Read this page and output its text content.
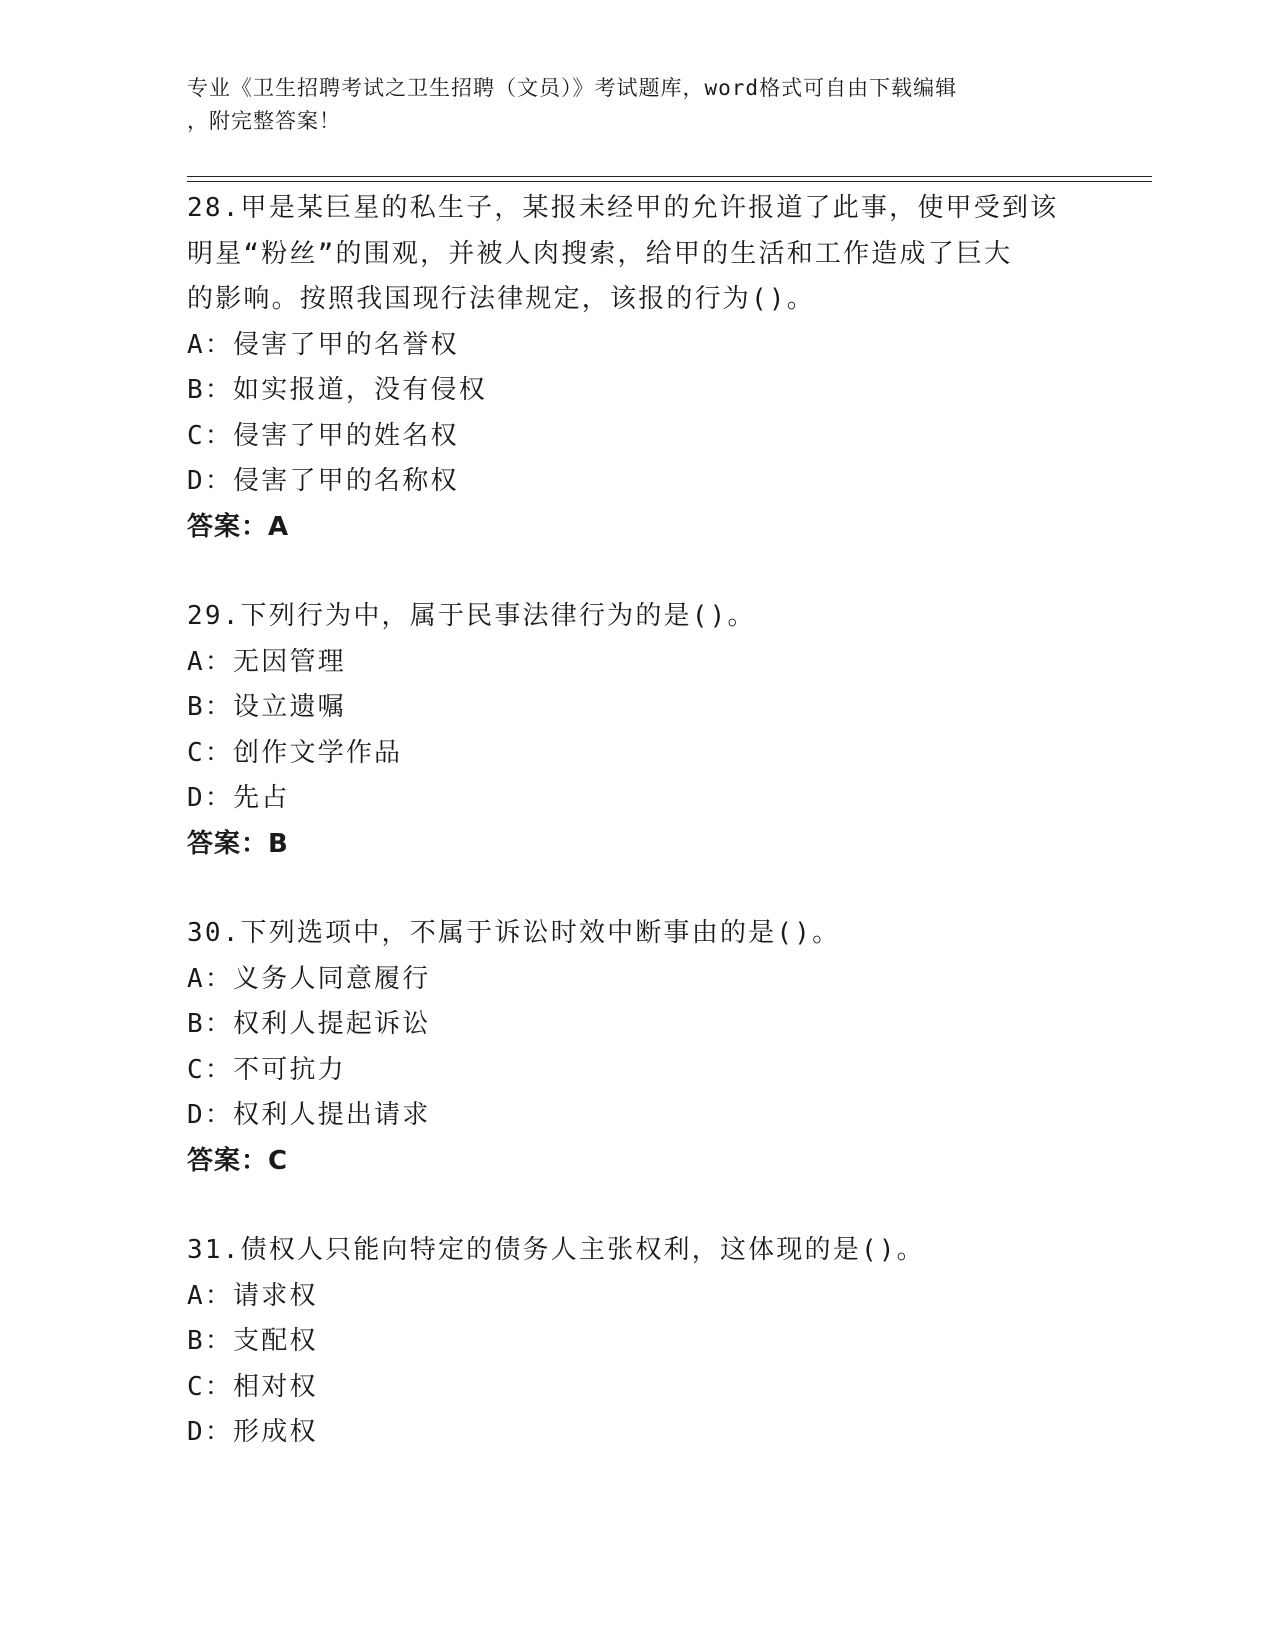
专业《卫生招聘考试之卫生招聘（文员）》考试题库，word格式可自由下载编辑
，附完整答案！

28.甲是某巨星的私生子，某报未经甲的允许报道了此事，使甲受到该

明星“粉丝”的围观，并被人肉搜索，给甲的生活和工作造成了巨大

的影响。按照我国现行法律规定，该报的行为()。

A：侵害了甲的名誉权

B：如实报道，没有侵权

C：侵害了甲的姓名权

D：侵害了甲的名称权

答案：A

29.下列行为中，属于民事法律行为的是()。

A：无因管理

B：设立遗嘱

C：创作文学作品

D：先占

答案：B

30.下列选项中，不属于诉讼时效中断事由的是()。

A：义务人同意履行

B：权利人提起诉讼

C：不可抗力

D：权利人提出请求

答案：C

31.债权人只能向特定的债务人主张权利，这体现的是()。

A：请求权

B：支配权

C：相对权

D：形成权
